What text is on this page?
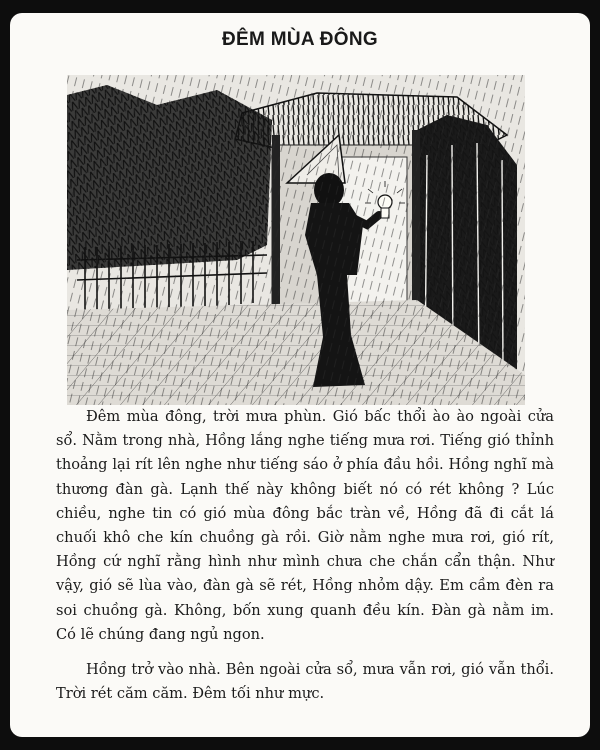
ĐÊM MÙA ĐÔNG

Đêm mùa đông, trời mưa phùn. Gió bấc thổi ào ào ngoài cửa sổ. Nằm trong nhà, Hồng lắng nghe tiếng mưa rơi. Tiếng gió thỉnh thoảng lại rít lên nghe như tiếng sáo ở phía đầu hồi. Hồng nghĩ mà thương đàn gà. Lạnh thế này không biết nó có rét không ? Lúc chiều, nghe tin có gió mùa đông bắc tràn về, Hồng đã đi cắt lá chuối khô che kín chuồng gà rồi. Giờ nằm nghe mưa rơi, gió rít, Hồng cứ nghĩ rằng hình như mình chưa che chắn cẩn thận. Như vậy, gió sẽ lùa vào, đàn gà sẽ rét, Hồng nhỏm dậy. Em cầm đèn ra soi chuồng gà. Không, bốn xung quanh đều kín. Đàn gà nằm im. Có lẽ chúng đang ngủ ngon.

Hồng trở vào nhà. Bên ngoài cửa sổ, mưa vẫn rơi, gió vẫn thổi. Trời rét căm căm. Đêm tối như mực.
